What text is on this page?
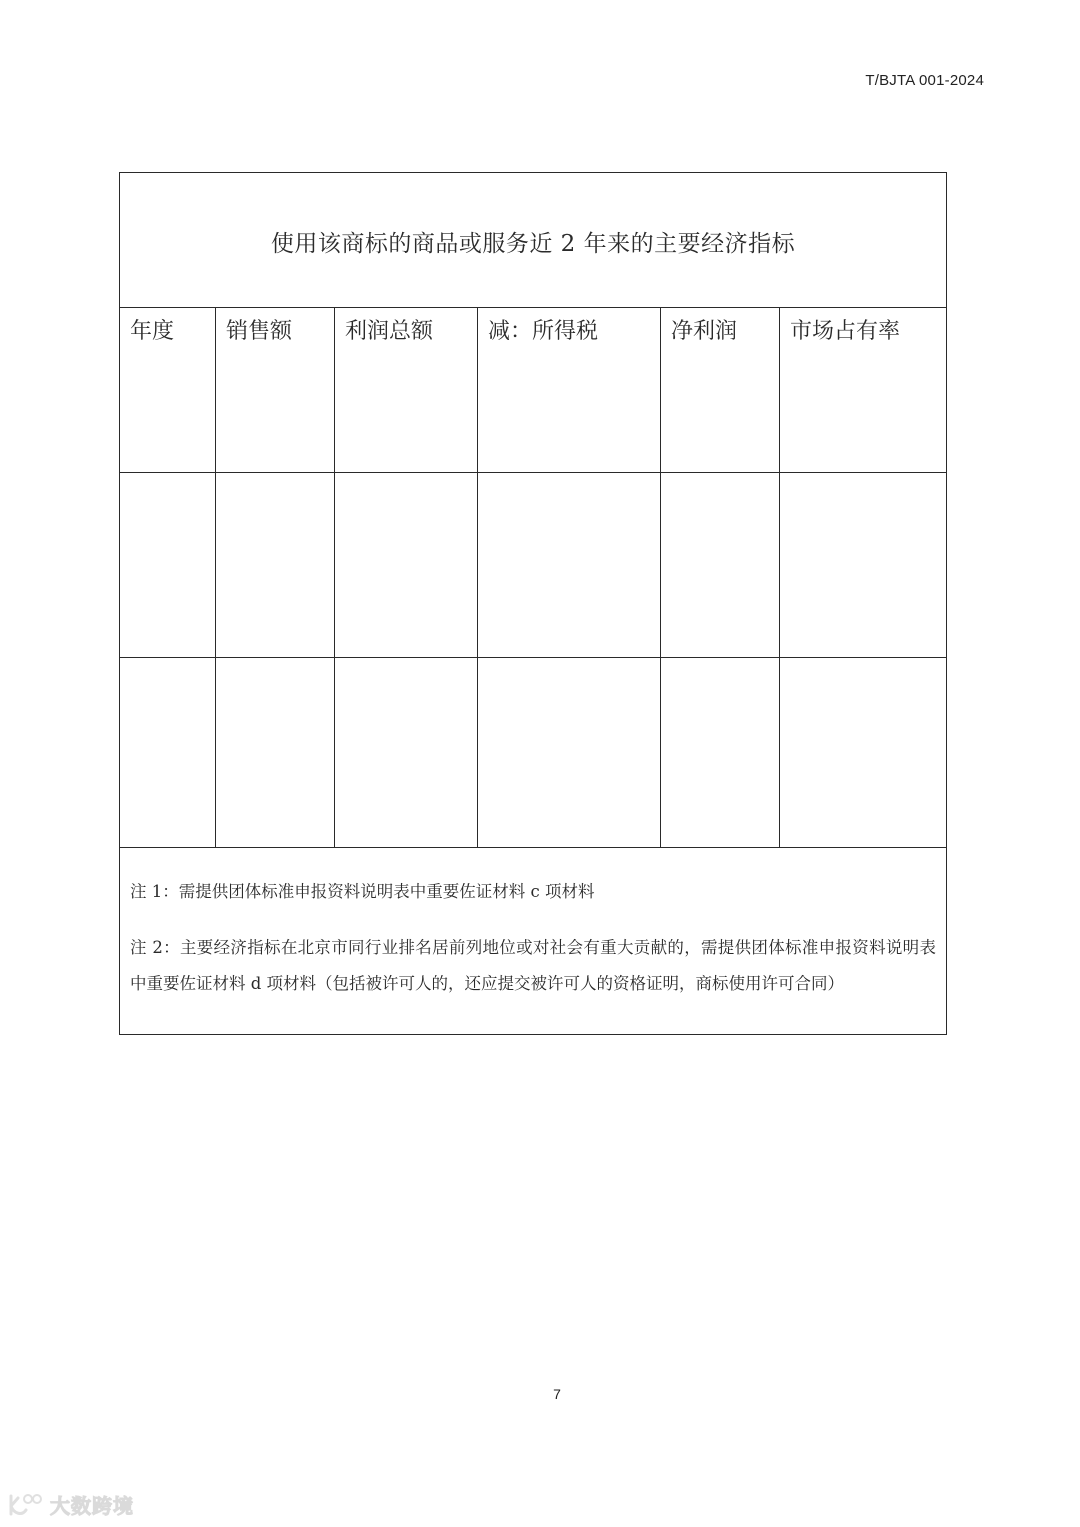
T/BJTA 001-2024
使用该商标的商品或服务近 2 年来的主要经济指标
年度	销售额	利润总额	减：所得税	净利润	市场占有率
注 1：需提供团体标准申报资料说明表中重要佐证材料 c 项材料
注 2：主要经济指标在北京市同行业排名居前列地位或对社会有重大贡献的，需提供团体标准申报资料说明表中重要佐证材料 d 项材料（包括被许可人的，还应提交被许可人的资格证明，商标使用许可合同）
7
大数跨境
